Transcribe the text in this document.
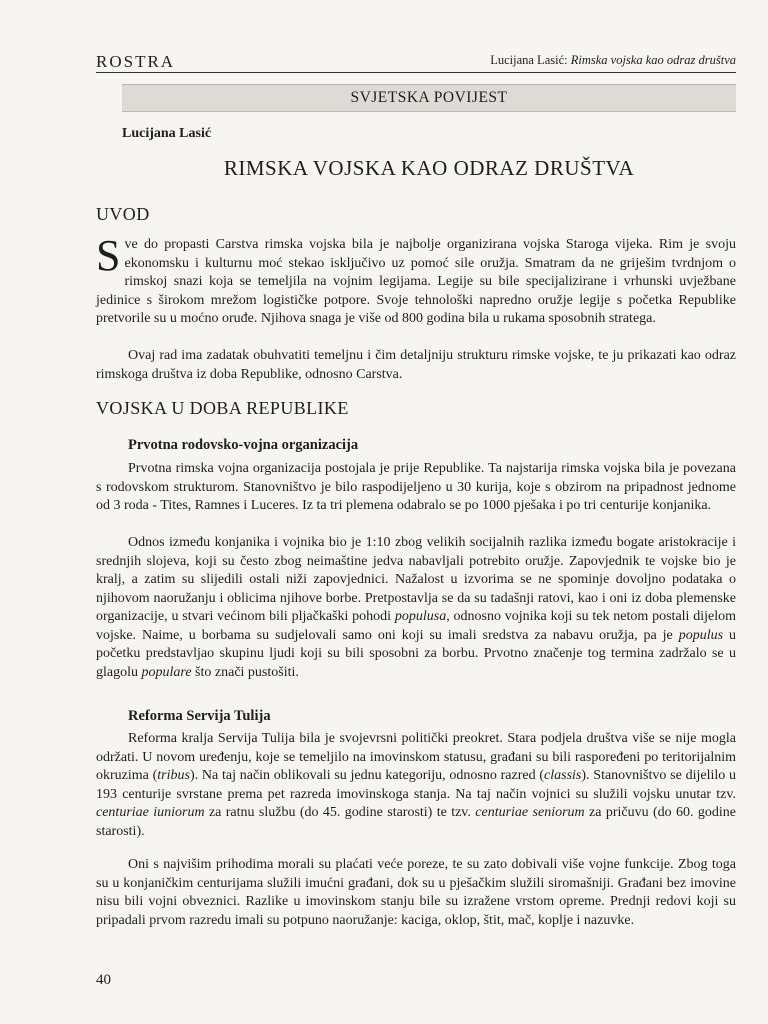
ROSTRA	Lucijana Lasić: Rimska vojska kao odraz društva
SVJETSKA POVIJEST
Lucijana Lasić
RIMSKA VOJSKA KAO ODRAZ DRUŠTVA
UVOD

Sve do propasti Carstva rimska vojska bila je najbolje organizirana vojska Staroga vijeka. Rim je svoju ekonomsku i kulturnu moć stekao isključivo uz pomoć sile oružja. Smatram da ne griješim tvrdnjom o rimskoj snazi koja se temeljila na vojnim legijama. Legije su bile specijalizirane i vrhunski uvježbane jedinice s širokom mrežom logističke potpore. Svoje tehnološki napredno oružje legije s početka Republike pretvorile su u moćno oruđe. Njihova snaga je više od 800 godina bila u rukama sposobnih stratega.

Ovaj rad ima zadatak obuhvatiti temeljnu i čim detaljniju strukturu rimske vojske, te ju prikazati kao odraz rimskoga društva iz doba Republike, odnosno Carstva.

VOJSKA U DOBA REPUBLIKE
Prvotna rodovsko-vojna organizacija

Prvotna rimska vojna organizacija postojala je prije Republike. Ta najstarija rimska vojska bila je povezana s rodovskom strukturom. Stanovništvo je bilo raspodijeljeno u 30 kurija, koje s obzirom na pripadnost jednome od 3 roda - Tites, Ramnes i Luceres. Iz ta tri plemena odabralo se po 1000 pješaka i po tri centurije konjanika.

Odnos između konjanika i vojnika bio je 1:10 zbog velikih socijalnih razlika između bogate aristokracije i srednjih slojeva, koji su često zbog neimaštine jedva nabavljali potrebito oružje. Zapovjednik te vojske bio je kralj, a zatim su slijedili ostali niži zapovjednici. Nažalost u izvorima se ne spominje dovoljno podataka o njihovom naoružanju i oblicima njihove borbe. Pretpostavlja se da su tadašnji ratovi, kao i oni iz doba plemenske organizacije, u stvari većinom bili pljačkaški pohodi populusa, odnosno vojnika koji su tek netom postali dijelom vojske. Naime, u borbama su sudjelovali samo oni koji su imali sredstva za nabavu oružja, pa je populus u početku predstavljao skupinu ljudi koji su bili sposobni za borbu. Prvotno značenje tog termina zadržalo se u glagolu populare što znači pustošiti.

Reforma Servija Tulija

Reforma kralja Servija Tulija bila je svojevrsni politički preokret. Stara podjela društva više se nije mogla održati. U novom uređenju, koje se temeljilo na imovinskom statusu, građani su bili raspoređeni po teritorijalnim okruzima (tribus). Na taj način oblikovali su jednu kategoriju, odnosno razred (classis). Stanovništvo se dijelilo u 193 centurije svrstane prema pet razreda imovinskoga stanja. Na taj način vojnici su služili vojsku unutar tzv. centuriae iuniorum za ratnu službu (do 45. godine starosti) te tzv. centuriae seniorum za pričuvu (do 60. godine starosti).

Oni s najvišim prihodima morali su plaćati veće poreze, te su zato dobivali više vojne funkcije. Zbog toga su u konjaničkim centurijama služili imućni građani, dok su u pješačkim služili siromašniji. Građani bez imovine nisu bili vojni obveznici. Razlike u imovinskom stanju bile su izražene vrstom opreme. Prednji redovi koji su pripadali prvom razredu imali su potpuno naoružanje: kaciga, oklop, štit, mač, koplje i nazuvke.

40
